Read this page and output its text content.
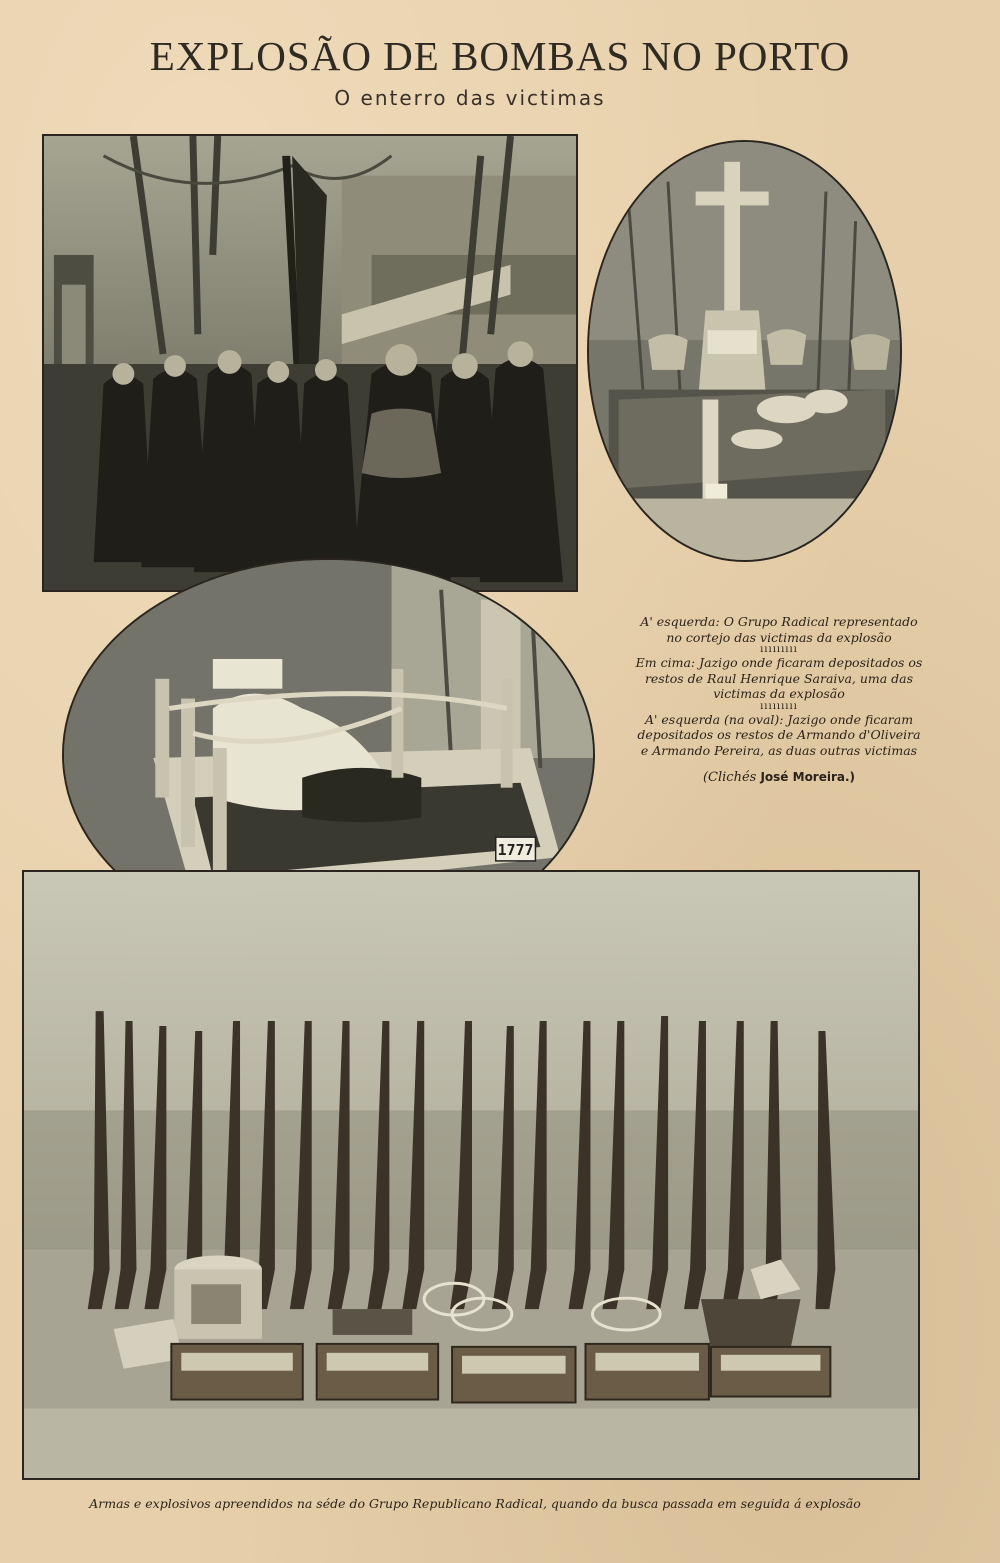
EXPLOSÃO DE BOMBAS NO PORTO
O enterro das victimas
1777

A' esquerda: O Grupo Radical representado no cortejo das victimas da explosão

ııııııııı

Em cima: Jazigo onde ficaram depositados os restos de Raul Henrique Saraiva, uma das victimas da explosão

ııııııııı

A' esquerda (na oval): Jazigo onde ficaram depositados os restos de Armando d'Oliveira e Armando Pereira, as duas outras victimas

(Clichés José Moreira.)

Armas e explosivos apreendidos na séde do Grupo Republicano Radical, quando da busca passada em seguida á explosão
